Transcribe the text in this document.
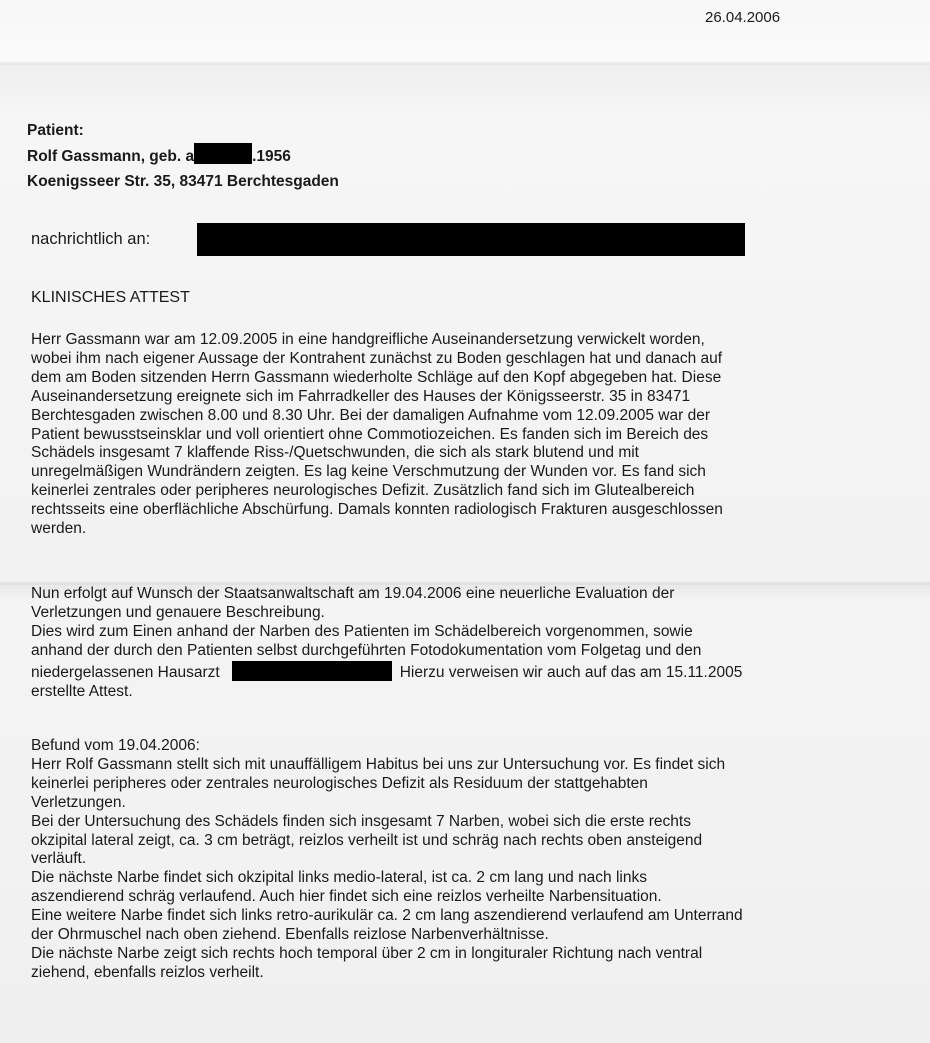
26.04.2006
Patient:
Rolf Gassmann, geb. a	.1956
Koenigsseer Str. 35, 83471 Berchtesgaden
nachrichtlich an:
KLINISCHES ATTEST
Herr Gassmann war am 12.09.2005 in eine handgreifliche Auseinandersetzung verwickelt worden,
wobei ihm nach eigener Aussage der Kontrahent zunächst zu Boden geschlagen hat und danach auf
dem am Boden sitzenden Herrn Gassmann wiederholte Schläge auf den Kopf abgegeben hat. Diese
Auseinandersetzung ereignete sich im Fahrradkeller des Hauses der Königsseerstr. 35 in 83471
Berchtesgaden zwischen 8.00 und 8.30 Uhr. Bei der damaligen Aufnahme vom 12.09.2005 war der
Patient bewusstseinsklar und voll orientiert ohne Commotiozeichen. Es fanden sich im Bereich des
Schädels insgesamt 7 klaffende Riss-/Quetschwunden, die sich als stark blutend und mit
unregelmäßigen Wundrändern zeigten. Es lag keine Verschmutzung der Wunden vor. Es fand sich
keinerlei zentrales oder peripheres neurologisches Defizit. Zusätzlich fand sich im Glutealbereich
rechtsseits eine oberflächliche Abschürfung. Damals konnten radiologisch Frakturen ausgeschlossen
werden.
Nun erfolgt auf Wunsch der Staatsanwaltschaft am 19.04.2006 eine neuerliche Evaluation der
Verletzungen und genauere Beschreibung.
Dies wird zum Einen anhand der Narben des Patienten im Schädelbereich vorgenommen, sowie
anhand der durch den Patienten selbst durchgeführten Fotodokumentation vom Folgetag und den
niedergelassenen Hausarzt	Hierzu verweisen wir auch auf das am 15.11.2005
erstellte Attest.
Befund vom 19.04.2006:
Herr Rolf Gassmann stellt sich mit unauffälligem Habitus bei uns zur Untersuchung vor. Es findet sich
keinerlei peripheres oder zentrales neurologisches Defizit als Residuum der stattgehabten
Verletzungen.
Bei der Untersuchung des Schädels finden sich insgesamt 7 Narben, wobei sich die erste rechts
okzipital lateral zeigt, ca. 3 cm beträgt, reizlos verheilt ist und schräg nach rechts oben ansteigend
verläuft.
Die nächste Narbe findet sich okzipital links medio-lateral, ist ca. 2 cm lang und nach links
aszendierend schräg verlaufend. Auch hier findet sich eine reizlos verheilte Narbensituation.
Eine weitere Narbe findet sich links retro-aurikulär ca. 2 cm lang aszendierend verlaufend am Unterrand
der Ohrmuschel nach oben ziehend. Ebenfalls reizlose Narbenverhältnisse.
Die nächste Narbe zeigt sich rechts hoch temporal über 2 cm in longituraler Richtung nach ventral
ziehend, ebenfalls reizlos verheilt.
